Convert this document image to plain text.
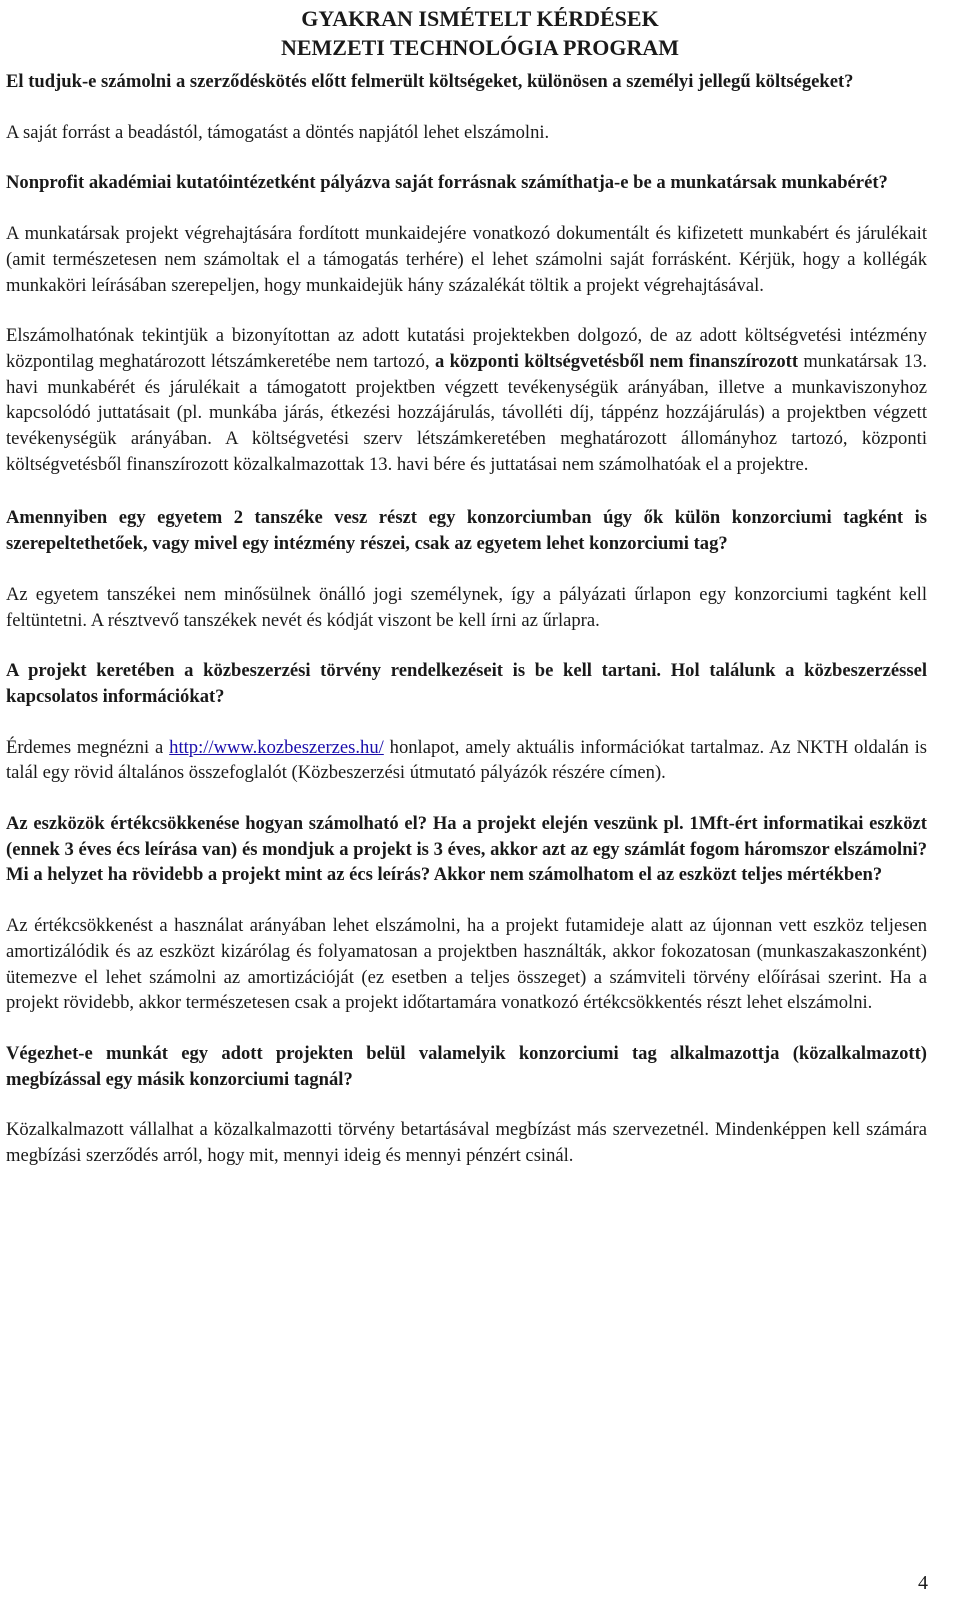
GYAKRAN ISMÉTELT KÉRDÉSEK
NEMZETI TECHNOLÓGIA PROGRAM

El tudjuk-e számolni a szerződéskötés előtt felmerült költségeket, különösen a személyi jellegű költségeket?

A saját forrást a beadástól, támogatást a döntés napjától lehet elszámolni.

Nonprofit akadémiai kutatóintézetként pályázva saját forrásnak számíthatja-e be a munkatársak munkabérét?

A munkatársak projekt végrehajtására fordított munkaidejére vonatkozó dokumentált és kifizetett munkabért és járulékait (amit természetesen nem számoltak el a támogatás terhére) el lehet számolni saját forrásként. Kérjük, hogy a kollégák munkaköri leírásában szerepeljen, hogy munkaidejük hány százalékát töltik a projekt végrehajtásával.

Elszámolhatónak tekintjük a bizonyítottan az adott kutatási projektekben dolgozó, de az adott költségvetési intézmény központilag meghatározott létszámkeretébe nem tartozó, a központi költségvetésből nem finanszírozott munkatársak 13. havi munkabérét és járulékait a támogatott projektben végzett tevékenységük arányában, illetve a munkaviszonyhoz kapcsolódó juttatásait (pl. munkába járás, étkezési hozzájárulás, távolléti díj, táppénz hozzájárulás) a projektben végzett tevékenységük arányában. A költségvetési szerv létszámkeretében meghatározott állományhoz tartozó, központi költségvetésből finanszírozott közalkalmazottak 13. havi bére és juttatásai nem számolhatóak el a projektre.

Amennyiben egy egyetem 2 tanszéke vesz részt egy konzorciumban úgy ők külön konzorciumi tagként is szerepeltethetőek, vagy mivel egy intézmény részei, csak az egyetem lehet konzorciumi tag?

Az egyetem tanszékei nem minősülnek önálló jogi személynek, így a pályázati űrlapon egy konzorciumi tagként kell feltüntetni. A résztvevő tanszékek nevét és kódját viszont be kell írni az űrlapra.

A projekt keretében a közbeszerzési törvény rendelkezéseit is be kell tartani. Hol találunk a közbeszerzéssel kapcsolatos információkat?

Érdemes megnézni a http://www.kozbeszerzes.hu/ honlapot, amely aktuális információkat tartalmaz. Az NKTH oldalán is talál egy rövid általános összefoglalót (Közbeszerzési útmutató pályázók részére címen).

Az eszközök értékcsökkenése hogyan számolható el? Ha a projekt elején veszünk pl. 1Mft-ért informatikai eszközt (ennek 3 éves écs leírása van) és mondjuk a projekt is 3 éves, akkor azt az egy számlát fogom háromszor elszámolni? Mi a helyzet ha rövidebb a projekt mint az écs leírás? Akkor nem számolhatom el az eszközt teljes mértékben?

Az értékcsökkenést a használat arányában lehet elszámolni, ha a projekt futamideje alatt az újonnan vett eszköz teljesen amortizálódik és az eszközt kizárólag és folyamatosan a projektben használták, akkor fokozatosan (munkaszakaszonként) ütemezve el lehet számolni az amortizációját (ez esetben a teljes összeget) a számviteli törvény előírásai szerint. Ha a projekt rövidebb, akkor természetesen csak a projekt időtartamára vonatkozó értékcsökkentés részt lehet elszámolni.

Végezhet-e munkát egy adott projekten belül valamelyik konzorciumi tag alkalmazottja (közalkalmazott) megbízással egy másik konzorciumi tagnál?

Közalkalmazott vállalhat a közalkalmazotti törvény betartásával megbízást más szervezetnél. Mindenképpen kell számára megbízási szerződés arról, hogy mit, mennyi ideig és mennyi pénzért csinál.

4
